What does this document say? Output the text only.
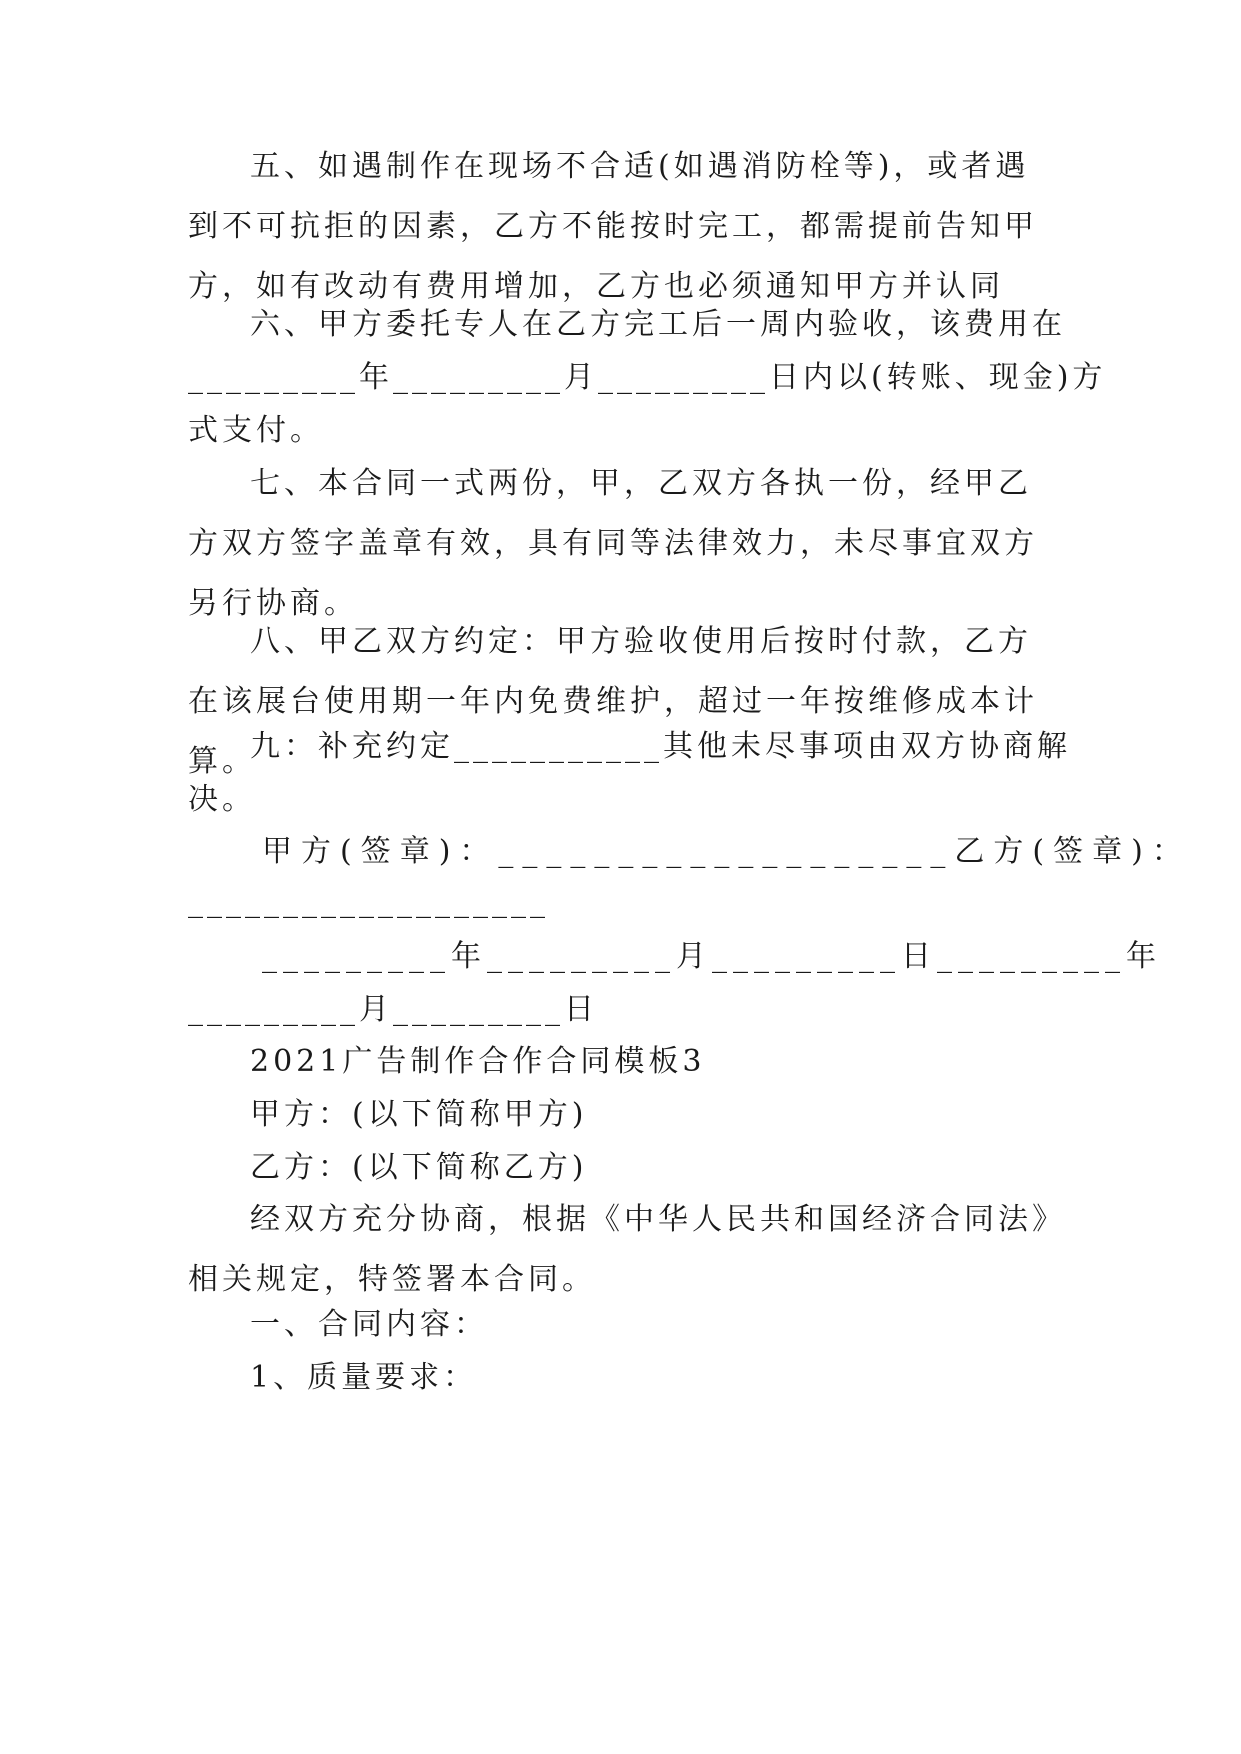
五、如遇制作在现场不合适(如遇消防栓等)，或者遇到不可抗拒的因素，乙方不能按时完工，都需提前告知甲方，如有改动有费用增加，乙方也必须通知甲方并认同
六、甲方委托专人在乙方完工后一周内验收，该费用在
_________年_________月_________日内以(转账、现金)方
式支付。
七、本合同一式两份，甲，乙双方各执一份，经甲乙方双方签字盖章有效，具有同等法律效力，未尽事宜双方另行协商。
八、甲乙双方约定：甲方验收使用后按时付款，乙方在该展台使用期一年内免费维护，超过一年按维修成本计算。
九：补充约定___________其他未尽事项由双方协商解
决。
甲方(签章)：___________________乙方(签章)：
___________________
_________年_________月_________日_________年
_________月_________日
2021广告制作合作合同模板3
甲方：(以下简称甲方)
乙方：(以下简称乙方)
经双方充分协商，根据《中华人民共和国经济合同法》相关规定，特签署本合同。
一、合同内容：
1、质量要求：
